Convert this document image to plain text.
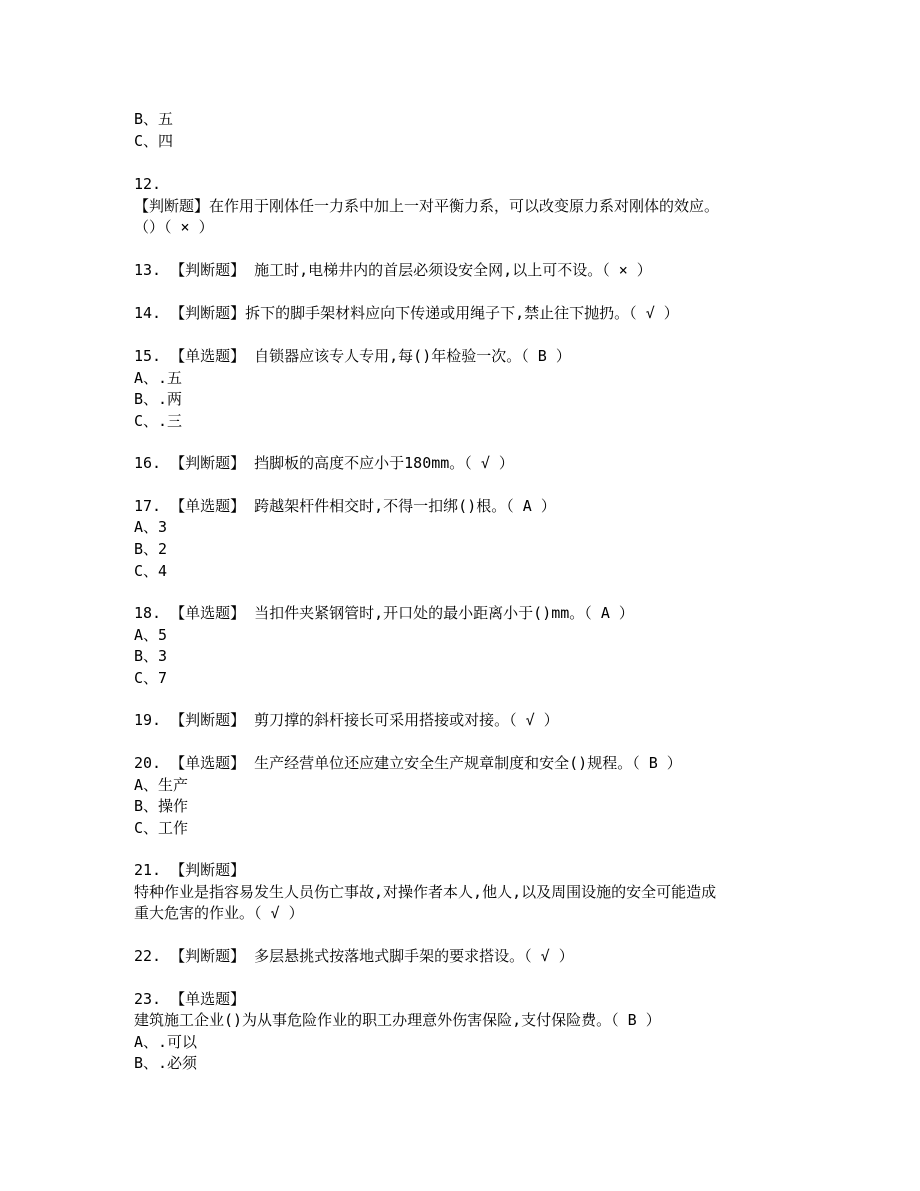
B、五

C、四

12.

【判断题】在作用于刚体任一力系中加上一对平衡力系，可以改变原力系对刚体的效应。

（）（ × ）

13. 【判断题】 施工时,电梯井内的首层必须设安全网,以上可不设。（ × ）

14. 【判断题】拆下的脚手架材料应向下传递或用绳子下,禁止往下抛扔。（ √ ）

15. 【单选题】 自锁器应该专人专用,每()年检验一次。（ B ）

A、.五

B、.两

C、.三

16. 【判断题】 挡脚板的高度不应小于180mm。（ √ ）

17. 【单选题】 跨越架杆件相交时,不得一扣绑()根。（ A ）

A、3

B、2

C、4

18. 【单选题】 当扣件夹紧钢管时,开口处的最小距离小于()mm。（ A ）

A、5

B、3

C、7

19. 【判断题】 剪刀撑的斜杆接长可采用搭接或对接。（ √ ）

20. 【单选题】 生产经营单位还应建立安全生产规章制度和安全()规程。（ B ）

A、生产

B、操作

C、工作

21. 【判断题】

特种作业是指容易发生人员伤亡事故,对操作者本人,他人,以及周围设施的安全可能造成

重大危害的作业。（ √ ）

22. 【判断题】 多层悬挑式按落地式脚手架的要求搭设。（ √ ）

23. 【单选题】

建筑施工企业()为从事危险作业的职工办理意外伤害保险,支付保险费。（ B ）

A、.可以

B、.必须
